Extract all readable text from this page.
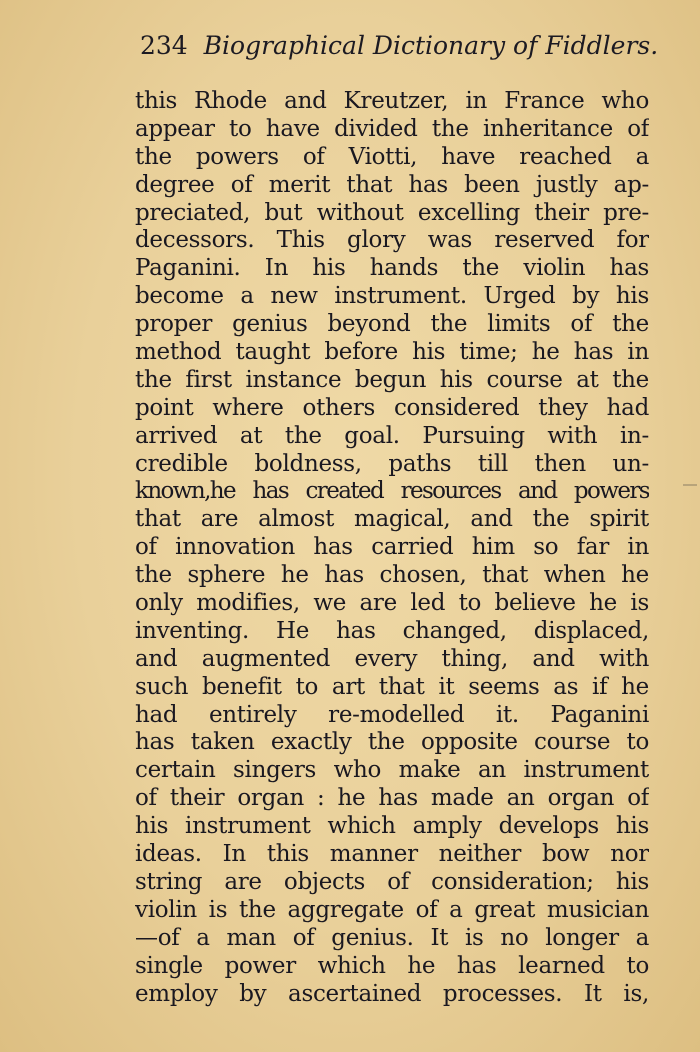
234 Biographical Dictionary of Fiddlers.
this Rhode and Kreutzer, in France who
appear to have divided the inheritance of
the powers of Viotti, have reached a
degree of merit that has been justly ap-
preciated, but without excelling their pre-
decessors. This glory was reserved for
Paganini. In his hands the violin has
become a new instrument. Urged by his
proper genius beyond the limits of the
method taught before his time; he has in
the first instance begun his course at the
point where others considered they had
arrived at the goal. Pursuing with in-
credible boldness, paths till then un-
known,he has created resources and powers
that are almost magical, and the spirit
of innovation has carried him so far in
the sphere he has chosen, that when he
only modifies, we are led to believe he is
inventing. He has changed, displaced,
and augmented every thing, and with
such benefit to art that it seems as if he
had entirely re-modelled it. Paganini
has taken exactly the opposite course to
certain singers who make an instrument
of their organ : he has made an organ of
his instrument which amply develops his
ideas. In this manner neither bow nor
string are objects of consideration; his
violin is the aggregate of a great musician
—of a man of genius. It is no longer a
single power which he has learned to
employ by ascertained processes. It is,
